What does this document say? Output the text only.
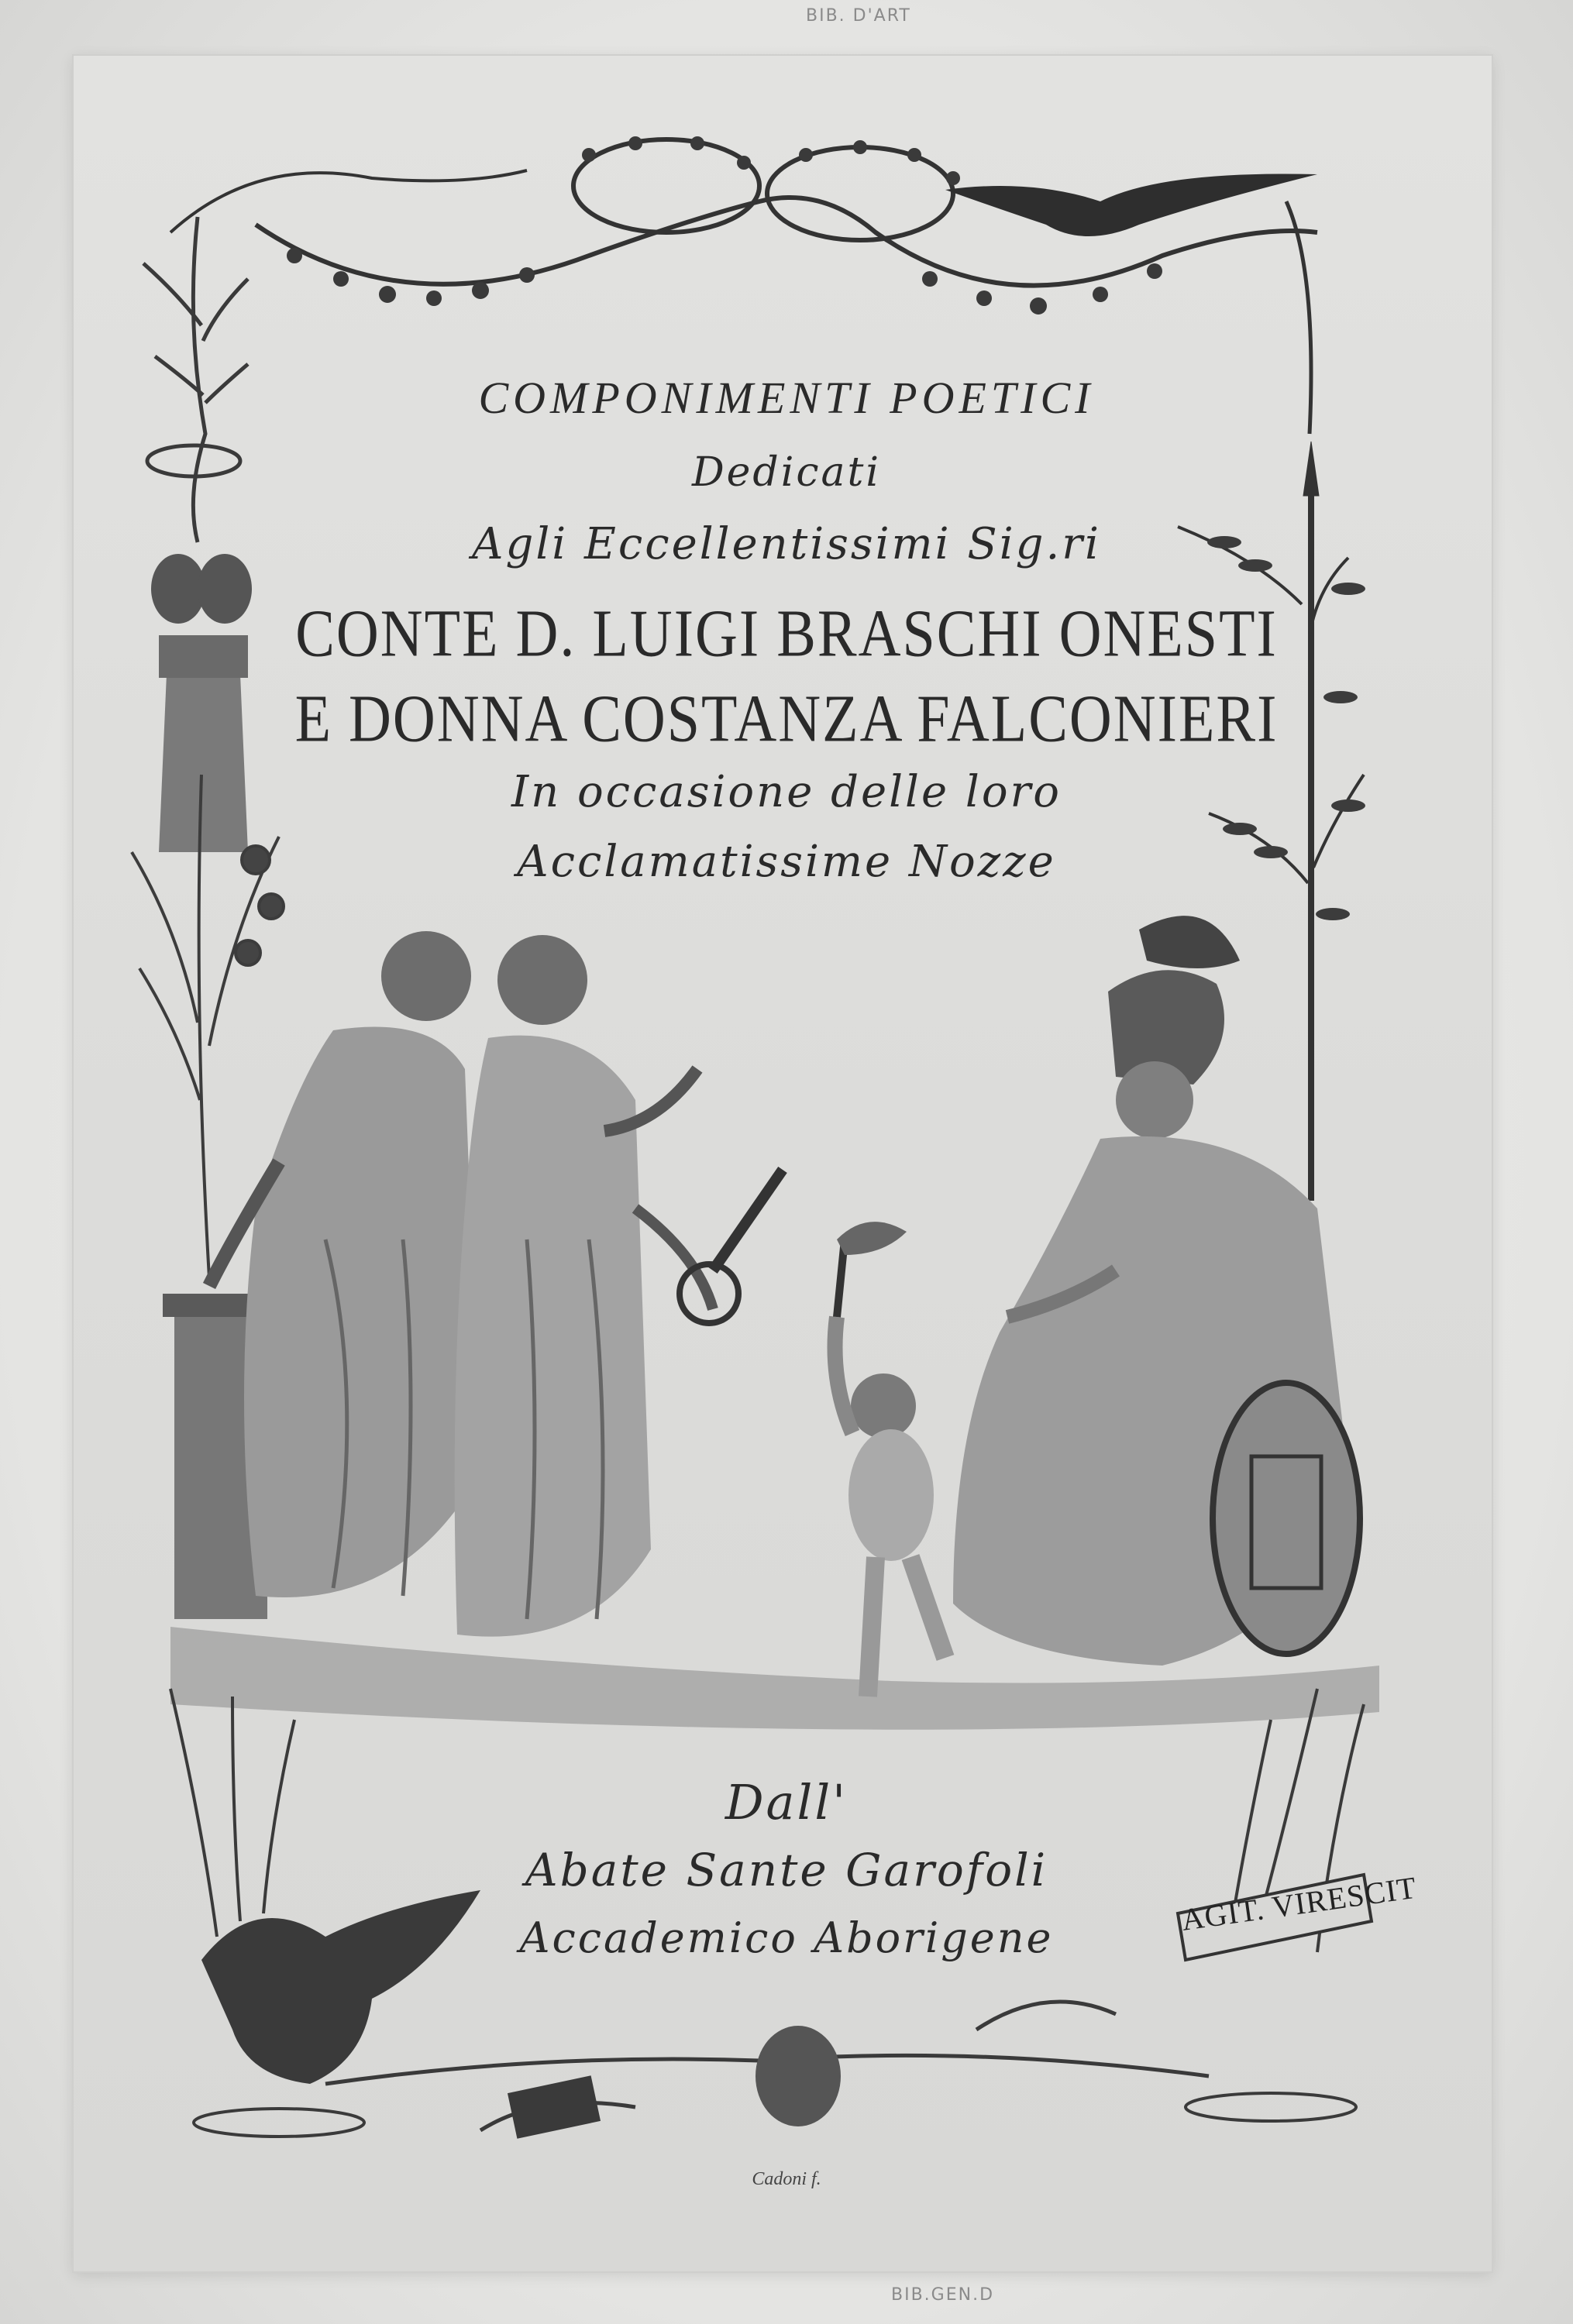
BIB. D'ART
BIB.GEN.D
COMPONIMENTI POETICI
Dedicati
Agli Eccellentissimi Sig.ri
CONTE D. LUIGI BRASCHI ONESTI
E DONNA COSTANZA FALCONIERI
In occasione delle loro
Acclamatissime Nozze
Dall'
Abate Sante Garofoli
Accademico Aborigene
AGIT. VIRESCIT
Cadoni f.
